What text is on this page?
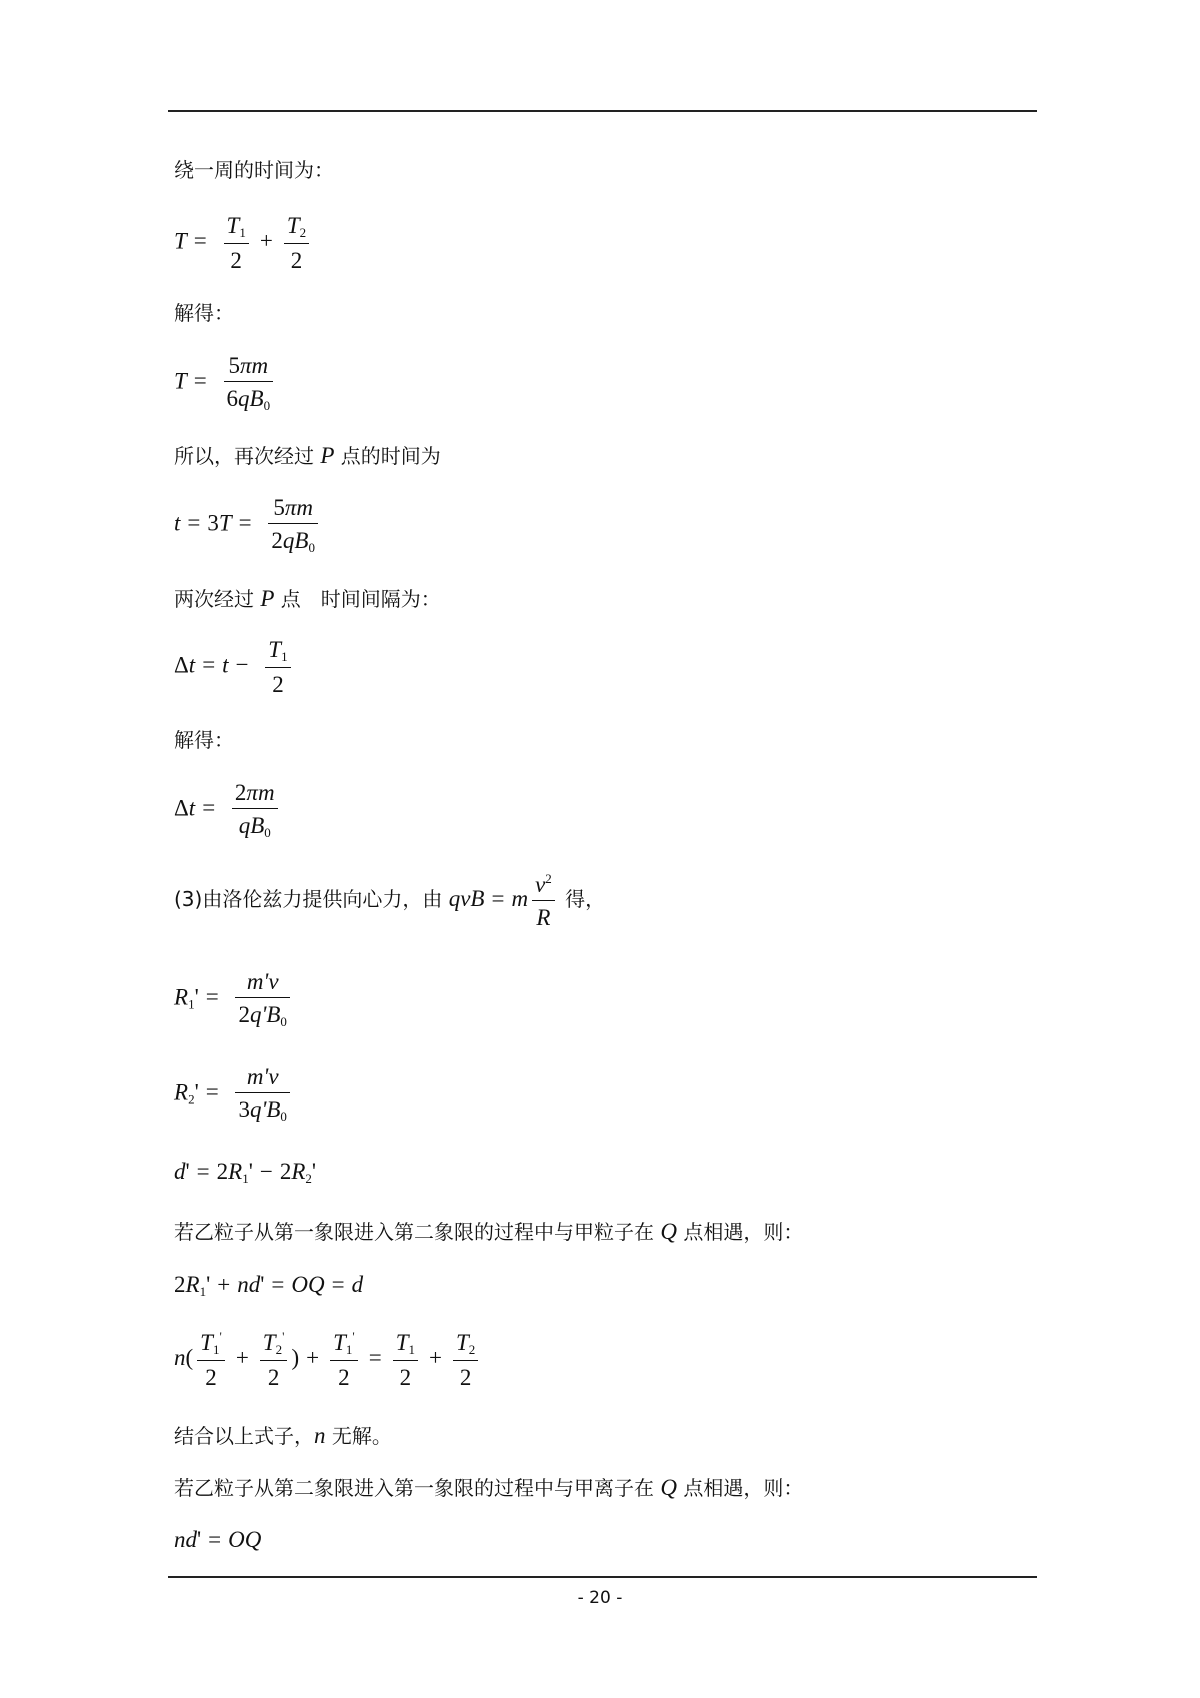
绕一周的时间为：
$T = \frac{T_1}{2} + \frac{T_2}{2}$
解得：
$T = \frac{5\pi m}{6qB_0}$
所以，再次经过 P 点的时间为
$t = 3T = \frac{5\pi m}{2qB_0}$
两次经过 P 点　时间间隔为：
$\Delta t = t - \frac{T_1}{2}$
解得：
$\Delta t = \frac{2\pi m}{qB_0}$
(3)由洛伦兹力提供向心力，由 qvB = m $\frac{v^2}{R}$ 得，
$R_1' = \frac{m'v}{2q'B_0}$
$R_2' = \frac{m'v}{3q'B_0}$
$d' = 2R_1' - 2R_2'$
若乙粒子从第一象限进入第二象限的过程中与甲粒子在 Q 点相遇，则：
$2R_1' + nd'$ = OQ = d
$n( \frac{T_1'}{2} + \frac{T_2'}{2}$ ) + $\frac{T_1'}{2} = \frac{T_1}{2} + \frac{T_2}{2}$
结合以上式子，n 无解。
若乙粒子从第二象限进入第一象限的过程中与甲离子在 Q 点相遇，则：
nd' = OQ
- 20 -
